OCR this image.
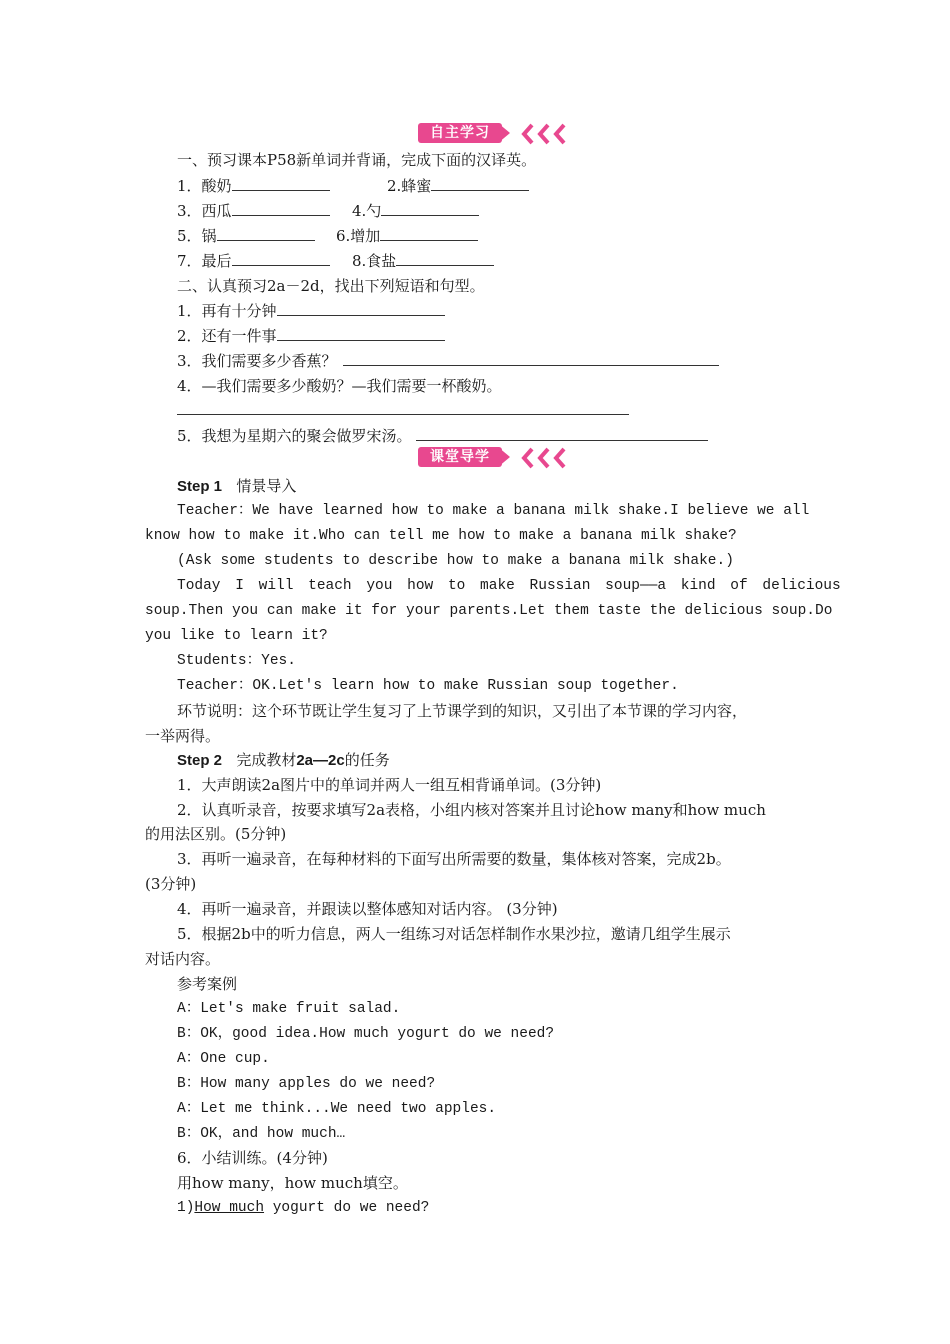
自主学习
一、预习课本P58新单词并背诵，完成下面的汉译英。
1．酸奶	2.蜂蜜
3．西瓜	4.勺
5．锅	6.增加
7．最后	8.食盐
二、认真预习2a－2d，找出下列短语和句型。
1．再有十分钟
2．还有一件事
3．我们需要多少香蕉？
4．—我们需要多少酸奶？—我们需要一杯酸奶。
5．我想为星期六的聚会做罗宋汤。
课堂导学
Step 1 情景导入
Teacher：We have learned how to make a banana milk shake.I believe we all
know how to make it.Who can tell me how to make a banana milk shake?
(Ask some students to describe how to make a banana milk shake.)
Today I will teach you how to make Russian soup——a kind of delicious
soup.Then you can make it for your parents.Let them taste the delicious soup.Do
you like to learn it?
Students：Yes.
Teacher：OK.Let's learn how to make Russian soup together.
环节说明：这个环节既让学生复习了上节课学到的知识，又引出了本节课的学习内容，
一举两得。
Step 2 完成教材2a—2c的任务
1．大声朗读2a图片中的单词并两人一组互相背诵单词。(3分钟)
2．认真听录音，按要求填写2a表格，小组内核对答案并且讨论how many和how much
的用法区别。(5分钟)
3．再听一遍录音，在每种材料的下面写出所需要的数量，集体核对答案，完成2b。
(3分钟)
4．再听一遍录音，并跟读以整体感知对话内容。 (3分钟)
5．根据2b中的听力信息，两人一组练习对话怎样制作水果沙拉，邀请几组学生展示
对话内容。
参考案例
A：Let's make fruit salad.
B：OK，good idea.How much yogurt do we need?
A：One cup.
B：How many apples do we need?
A：Let me think...We need two apples.
B：OK，and how much…
6．小结训练。(4分钟)
用how many，how much填空。
1)How much yogurt do we need?
